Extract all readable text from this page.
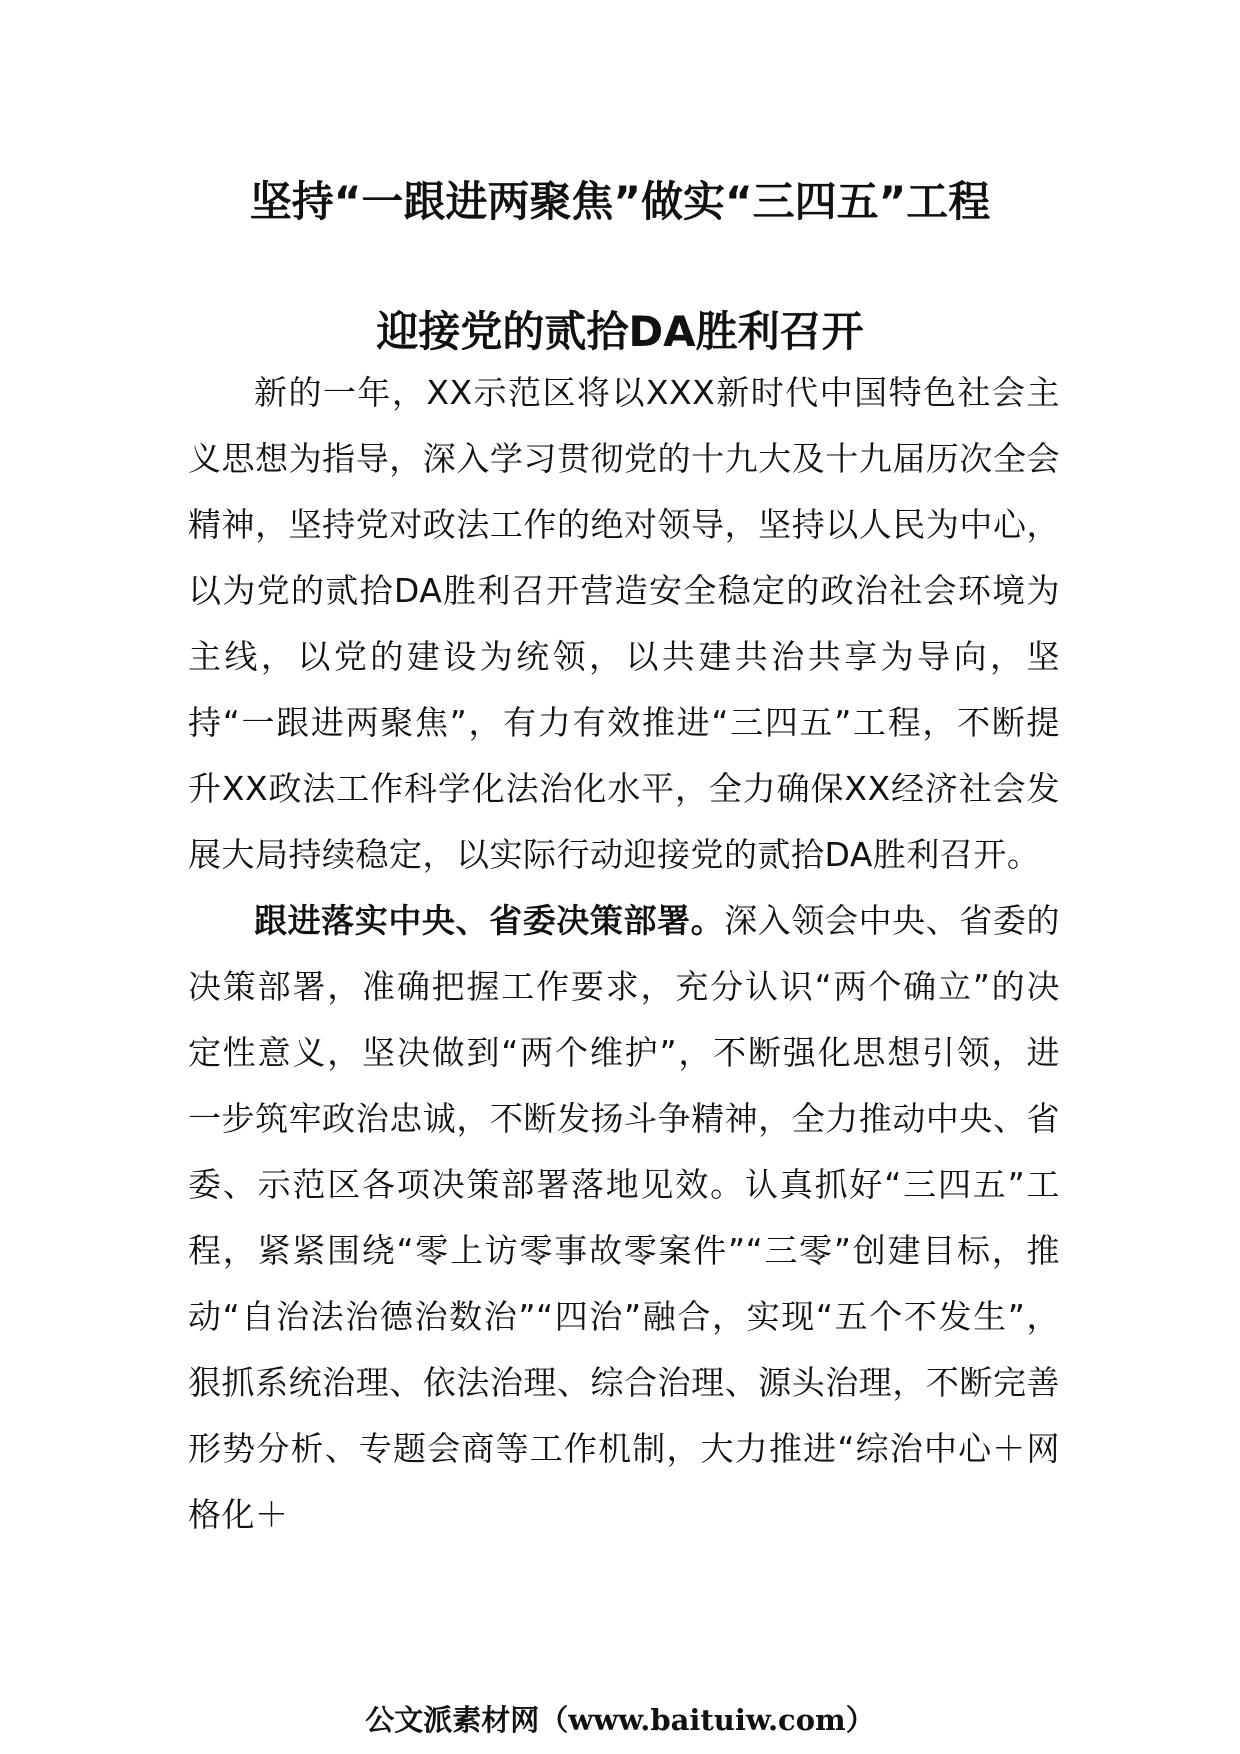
坚持“一跟进两聚焦”做实“三四五”工程
迎接党的贰拾DA胜利召开

新的一年，XX示范区将以XXX新时代中国特色社会主义思想为指导，深入学习贯彻党的十九大及十九届历次全会精神，坚持党对政法工作的绝对领导，坚持以人民为中心，以为党的贰拾DA胜利召开营造安全稳定的政治社会环境为主线，以党的建设为统领，以共建共治共享为导向，坚持“一跟进两聚焦”，有力有效推进“三四五”工程，不断提升XX政法工作科学化法治化水平，全力确保XX经济社会发展大局持续稳定，以实际行动迎接党的贰拾DA胜利召开。

跟进落实中央、省委决策部署。深入领会中央、省委的决策部署，准确把握工作要求，充分认识“两个确立”的决定性意义，坚决做到“两个维护”，不断强化思想引领，进一步筑牢政治忠诚，不断发扬斗争精神，全力推动中央、省委、示范区各项决策部署落地见效。认真抓好“三四五”工程，紧紧围绕“零上访零事故零案件”“三零”创建目标，推动“自治法治德治数治”“四治”融合，实现“五个不发生”，狠抓系统治理、依法治理、综合治理、源头治理，不断完善形势分析、专题会商等工作机制，大力推进“综治中心＋网格化＋

公文派素材网（www.baituiw.com）
